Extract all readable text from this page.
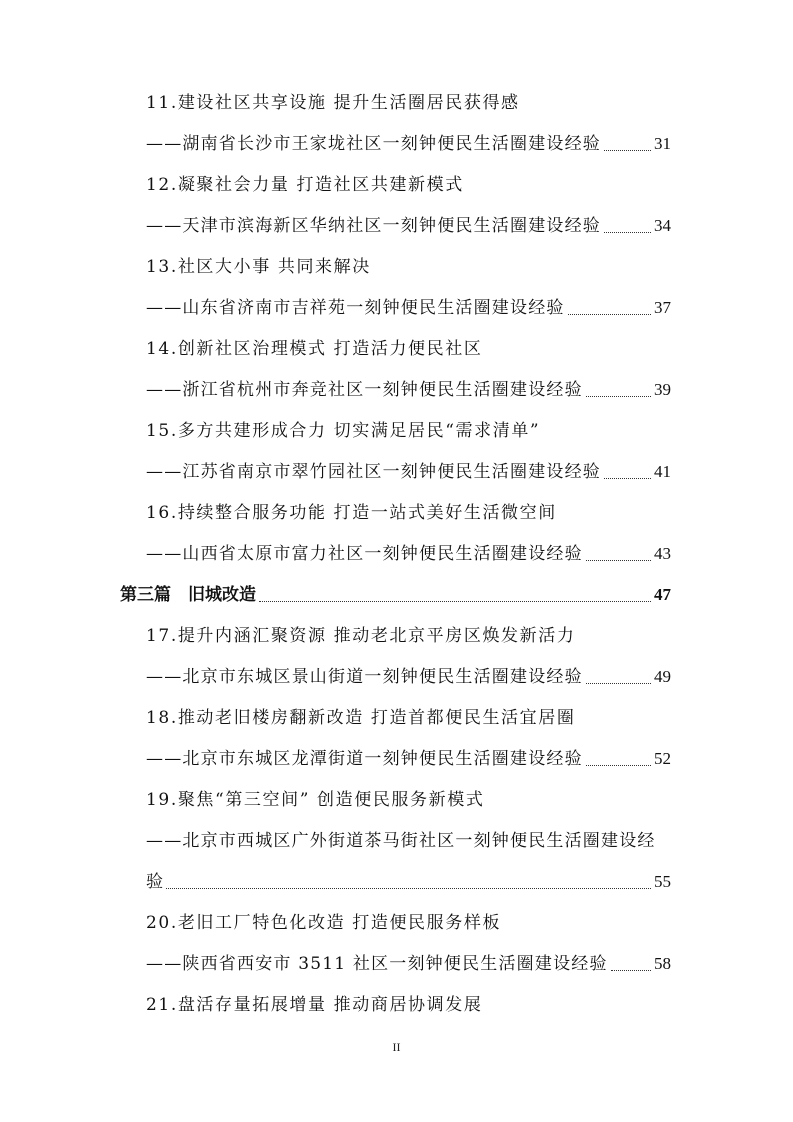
11.建设社区共享设施 提升生活圈居民获得感
——湖南省长沙市王家垅社区一刻钟便民生活圈建设经验	31
12.凝聚社会力量 打造社区共建新模式
——天津市滨海新区华纳社区一刻钟便民生活圈建设经验	34
13.社区大小事 共同来解决
——山东省济南市吉祥苑一刻钟便民生活圈建设经验	37
14.创新社区治理模式 打造活力便民社区
——浙江省杭州市奔竞社区一刻钟便民生活圈建设经验	39
15.多方共建形成合力 切实满足居民“需求清单”
——江苏省南京市翠竹园社区一刻钟便民生活圈建设经验	41
16.持续整合服务功能 打造一站式美好生活微空间
——山西省太原市富力社区一刻钟便民生活圈建设经验	43
第三篇　旧城改造	47
17.提升内涵汇聚资源 推动老北京平房区焕发新活力
——北京市东城区景山街道一刻钟便民生活圈建设经验	49
18.推动老旧楼房翻新改造 打造首都便民生活宜居圈
——北京市东城区龙潭街道一刻钟便民生活圈建设经验	52
19.聚焦“第三空间” 创造便民服务新模式
——北京市西城区广外街道茶马街社区一刻钟便民生活圈建设经
验	55
20.老旧工厂特色化改造 打造便民服务样板
——陕西省西安市 3511 社区一刻钟便民生活圈建设经验	58
21.盘活存量拓展增量 推动商居协调发展
II
